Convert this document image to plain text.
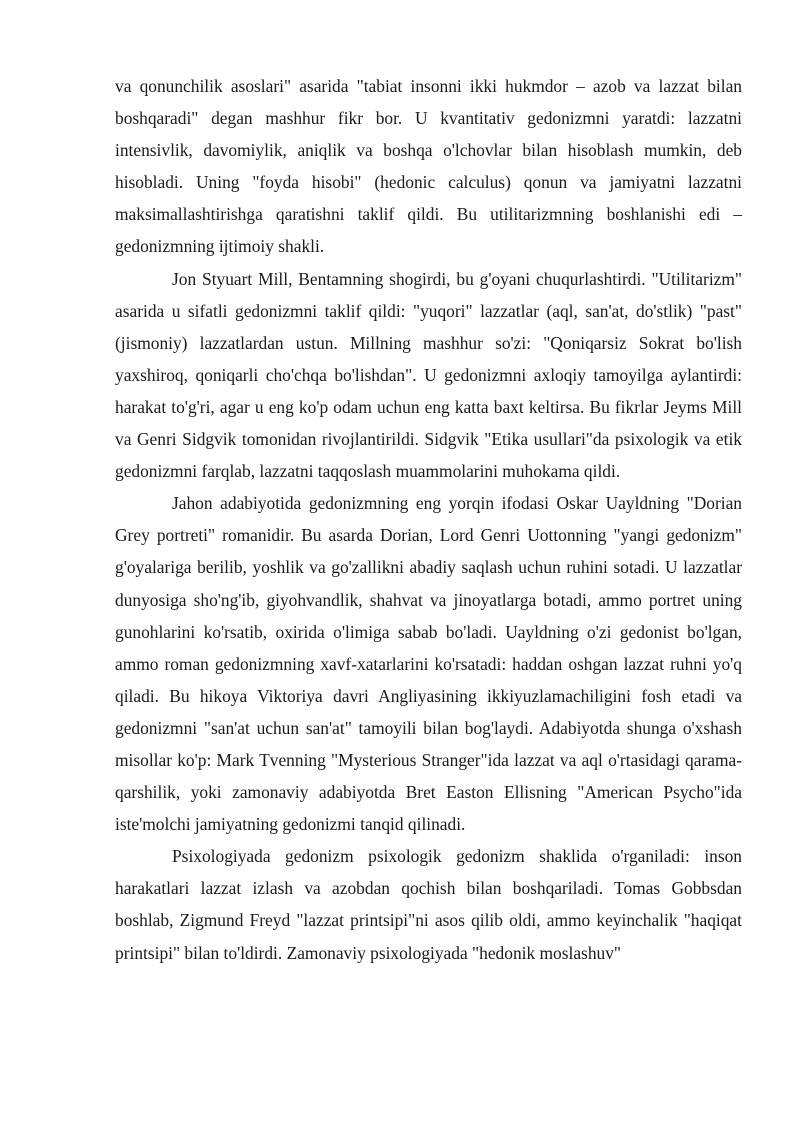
va qonunchilik asoslari" asarida "tabiat insonni ikki hukmdor – azob va lazzat bilan boshqaradi" degan mashhur fikr bor. U kvantitativ gedonizmni yaratdi: lazzatni intensivlik, davomiylik, aniqlik va boshqa o'lchovlar bilan hisoblash mumkin, deb hisobladi. Uning "foyda hisobi" (hedonic calculus) qonun va jamiyatni lazzatni maksimallashtirishga qaratishni taklif qildi. Bu utilitarizmning boshlanishi edi – gedonizmning ijtimoiy shakli.

Jon Styuart Mill, Bentamning shogirdi, bu g'oyani chuqurlashtirdi. "Utilitarizm" asarida u sifatli gedonizmni taklif qildi: "yuqori" lazzatlar (aql, san'at, do'stlik) "past" (jismoniy) lazzatlardan ustun. Millning mashhur so'zi: "Qoniqarsiz Sokrat bo'lish yaxshiroq, qoniqarli cho'chqa bo'lishdan". U gedonizmni axloqiy tamoyilga aylantirdi: harakat to'g'ri, agar u eng ko'p odam uchun eng katta baxt keltirsa. Bu fikrlar Jeyms Mill va Genri Sidgvik tomonidan rivojlantirildi. Sidgvik "Etika usullari"da psixologik va etik gedonizmni farqlab, lazzatni taqqoslash muammolarini muhokama qildi.

Jahon adabiyotida gedonizmning eng yorqin ifodasi Oskar Uayldning "Dorian Grey portreti" romanidir. Bu asarda Dorian, Lord Genri Uottonning "yangi gedonizm" g'oyalariga berilib, yoshlik va go'zallikni abadiy saqlash uchun ruhini sotadi. U lazzatlar dunyosiga sho'ng'ib, giyohvandlik, shahvat va jinoyatlarga botadi, ammo portret uning gunohlarini ko'rsatib, oxirida o'limiga sabab bo'ladi. Uayldning o'zi gedonist bo'lgan, ammo roman gedonizmning xavf-xatarlarini ko'rsatadi: haddan oshgan lazzat ruhni yo'q qiladi. Bu hikoya Viktoriya davri Angliyasining ikkiyuzlamachiligini fosh etadi va gedonizmni "san'at uchun san'at" tamoyili bilan bog'laydi. Adabiyotda shunga o'xshash misollar ko'p: Mark Tvenning "Mysterious Stranger"ida lazzat va aql o'rtasidagi qarama-qarshilik, yoki zamonaviy adabiyotda Bret Easton Ellisning "American Psycho"ida iste'molchi jamiyatning gedonizmi tanqid qilinadi.

Psixologiyada gedonizm psixologik gedonizm shaklida o'rganiladi: inson harakatlari lazzat izlash va azobdan qochish bilan boshqariladi. Tomas Gobbsdan boshlab, Zigmund Freyd "lazzat printsipi"ni asos qilib oldi, ammo keyinchalik "haqiqat printsipi" bilan to'ldirdi. Zamonaviy psixologiyada "hedonik moslashuv"
